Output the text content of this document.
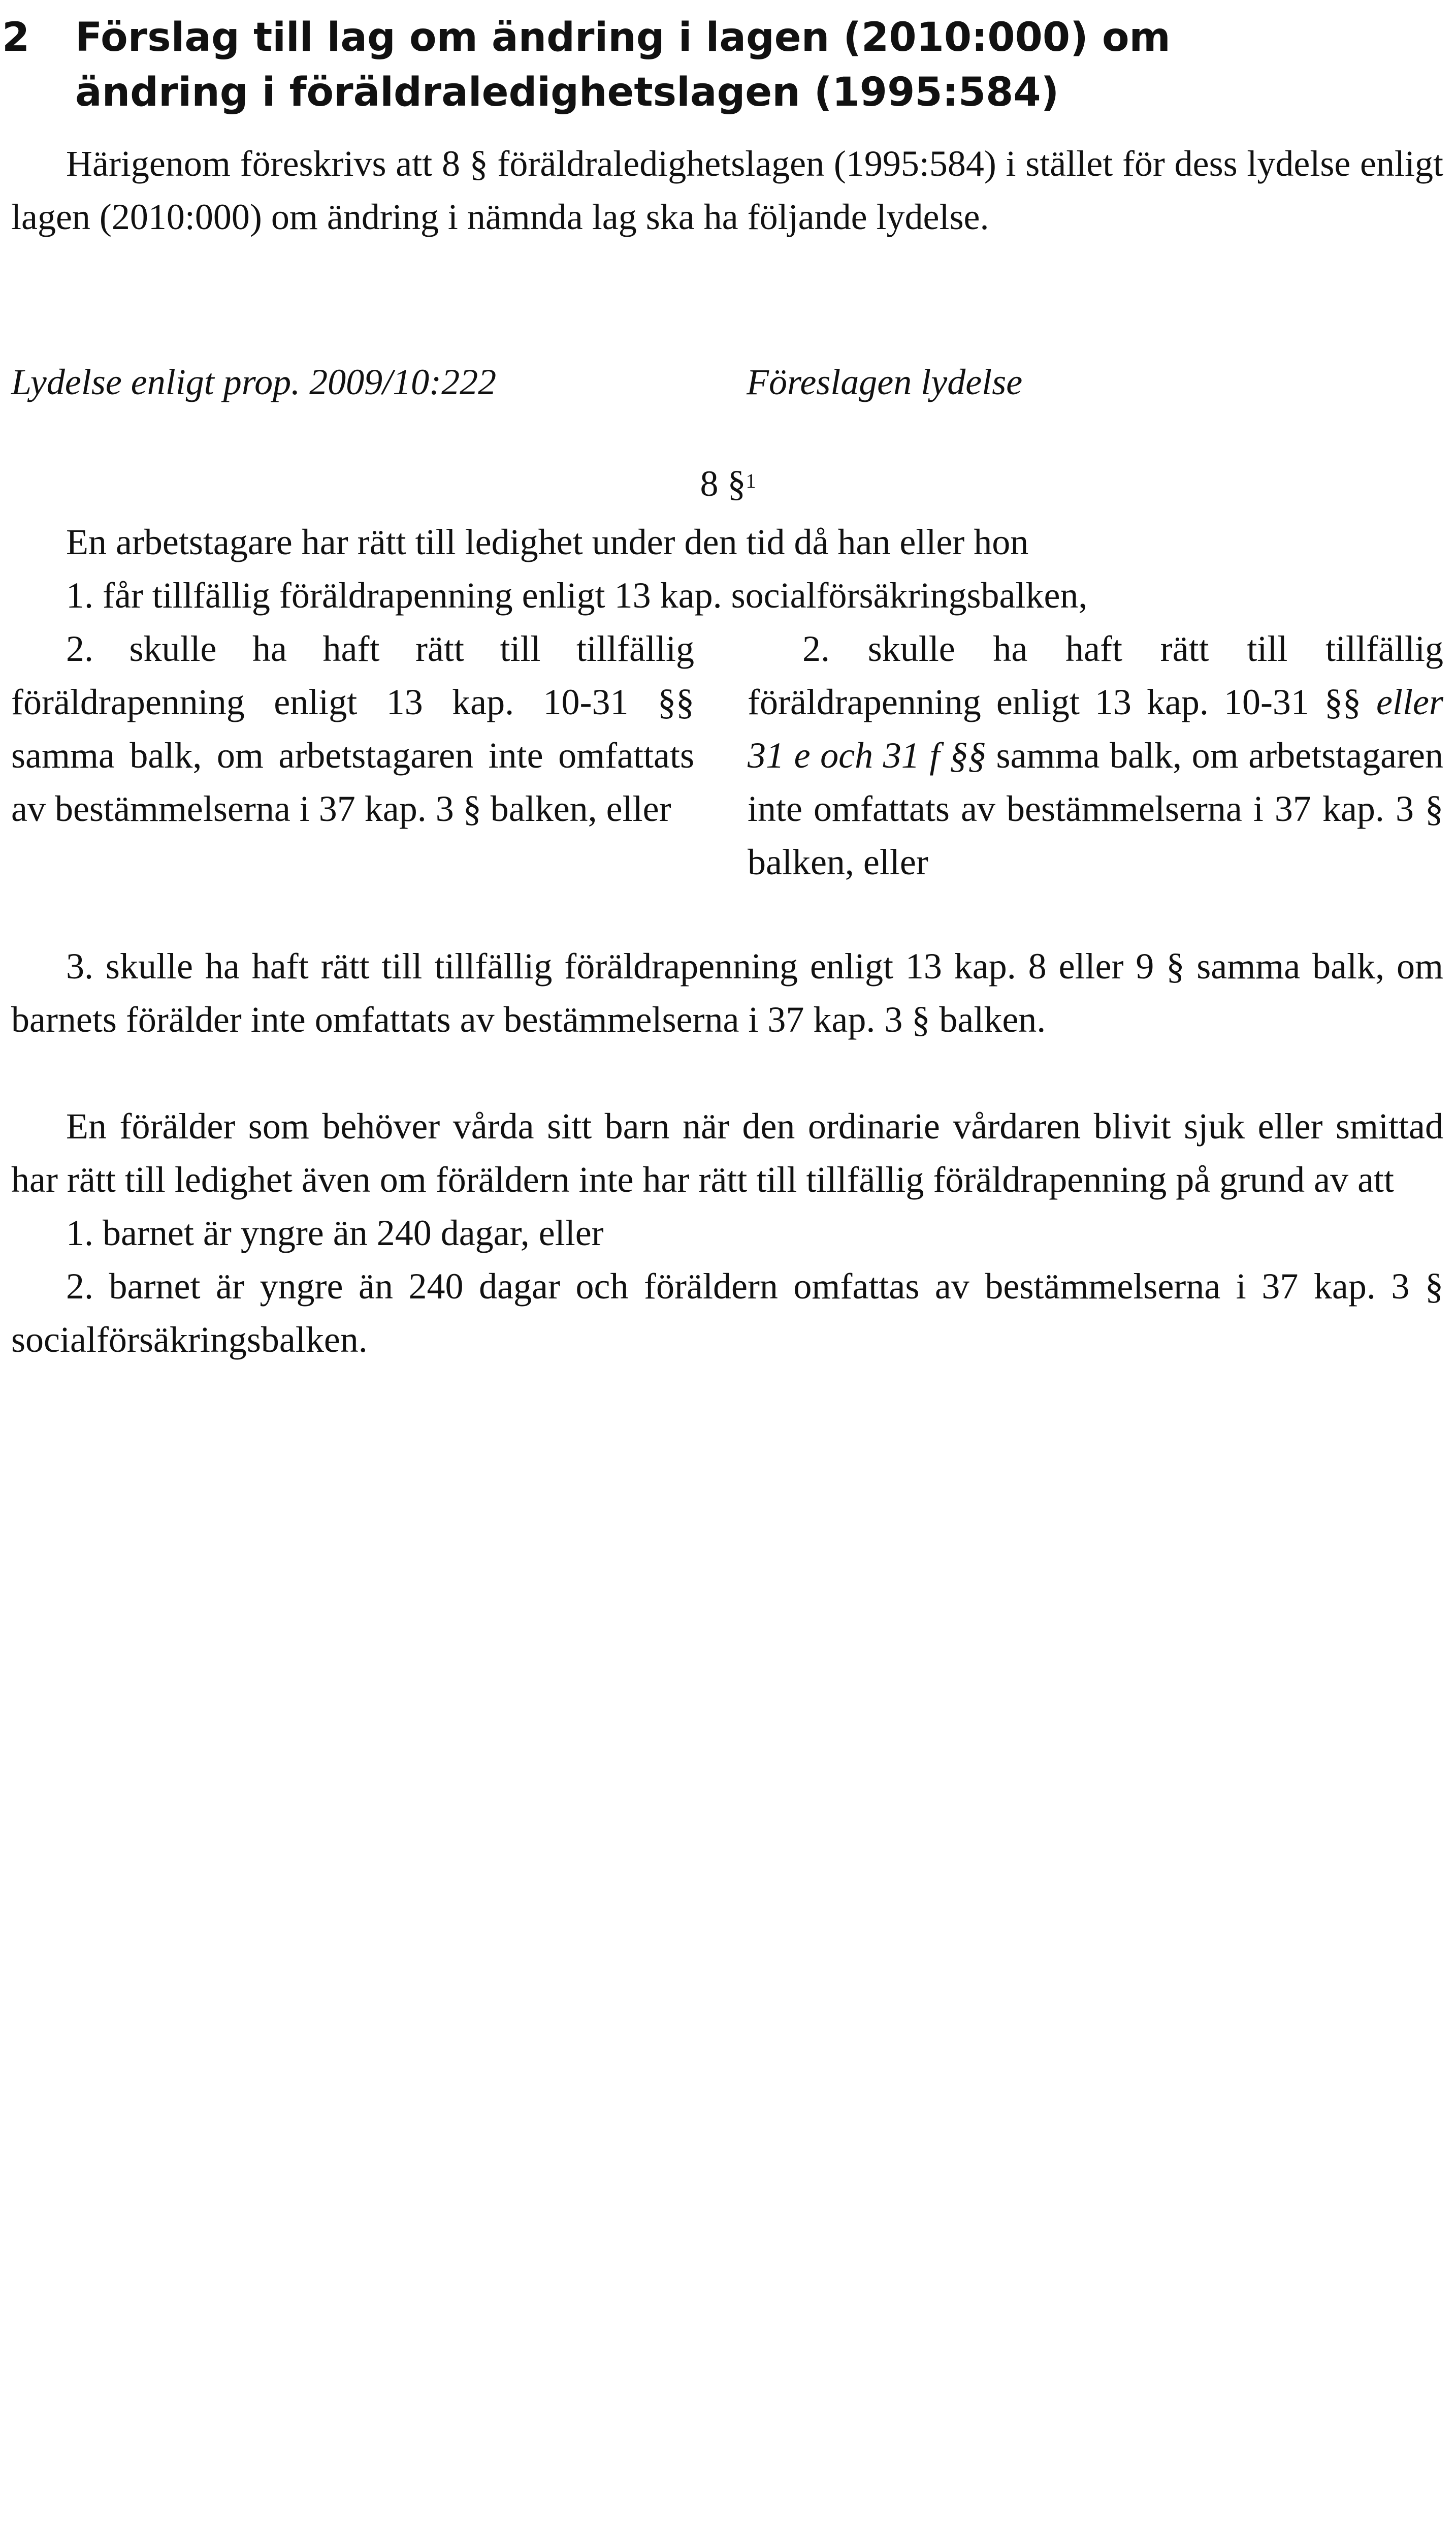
2 Förslag till lag om ändring i lagen (2010:000) om
ändring i föräldraledighetslagen (1995:584)

Härigenom föreskrivs att 8 § föräldraledighetslagen (1995:584) i stället för dess lydelse enligt lagen (2010:000) om ändring i nämnda lag ska ha följande lydelse.

Lydelse enligt prop. 2009/10:222	Föreslagen lydelse
8 §$^1$

En arbetstagare har rätt till ledighet under den tid då han eller hon

1. får tillfällig föräldrapenning enligt 13 kap. socialförsäkringsbalken,

2. skulle ha haft rätt till tillfällig föräldrapenning enligt 13 kap. 10-31 §§ samma balk, om arbetstagaren inte omfattats av bestämmelserna i 37 kap. 3 § balken, eller

2. skulle ha haft rätt till tillfällig föräldrapenning enligt 13 kap. 10-31 §§ eller 31 e och 31 f §§ samma balk, om arbetstagaren inte omfattats av bestämmelserna i 37 kap. 3 § balken, eller

3. skulle ha haft rätt till tillfällig föräldrapenning enligt 13 kap. 8 eller 9 § samma balk, om barnets förälder inte omfattats av bestämmelserna i 37 kap. 3 § balken.

En förälder som behöver vårda sitt barn när den ordinarie vårdaren blivit sjuk eller smittad har rätt till ledighet även om föräldern inte har rätt till tillfällig föräldrapenning på grund av att

1. barnet är yngre än 240 dagar, eller

2. barnet är yngre än 240 dagar och föräldern omfattas av bestämmelserna i 37 kap. 3 § socialförsäkringsbalken.
